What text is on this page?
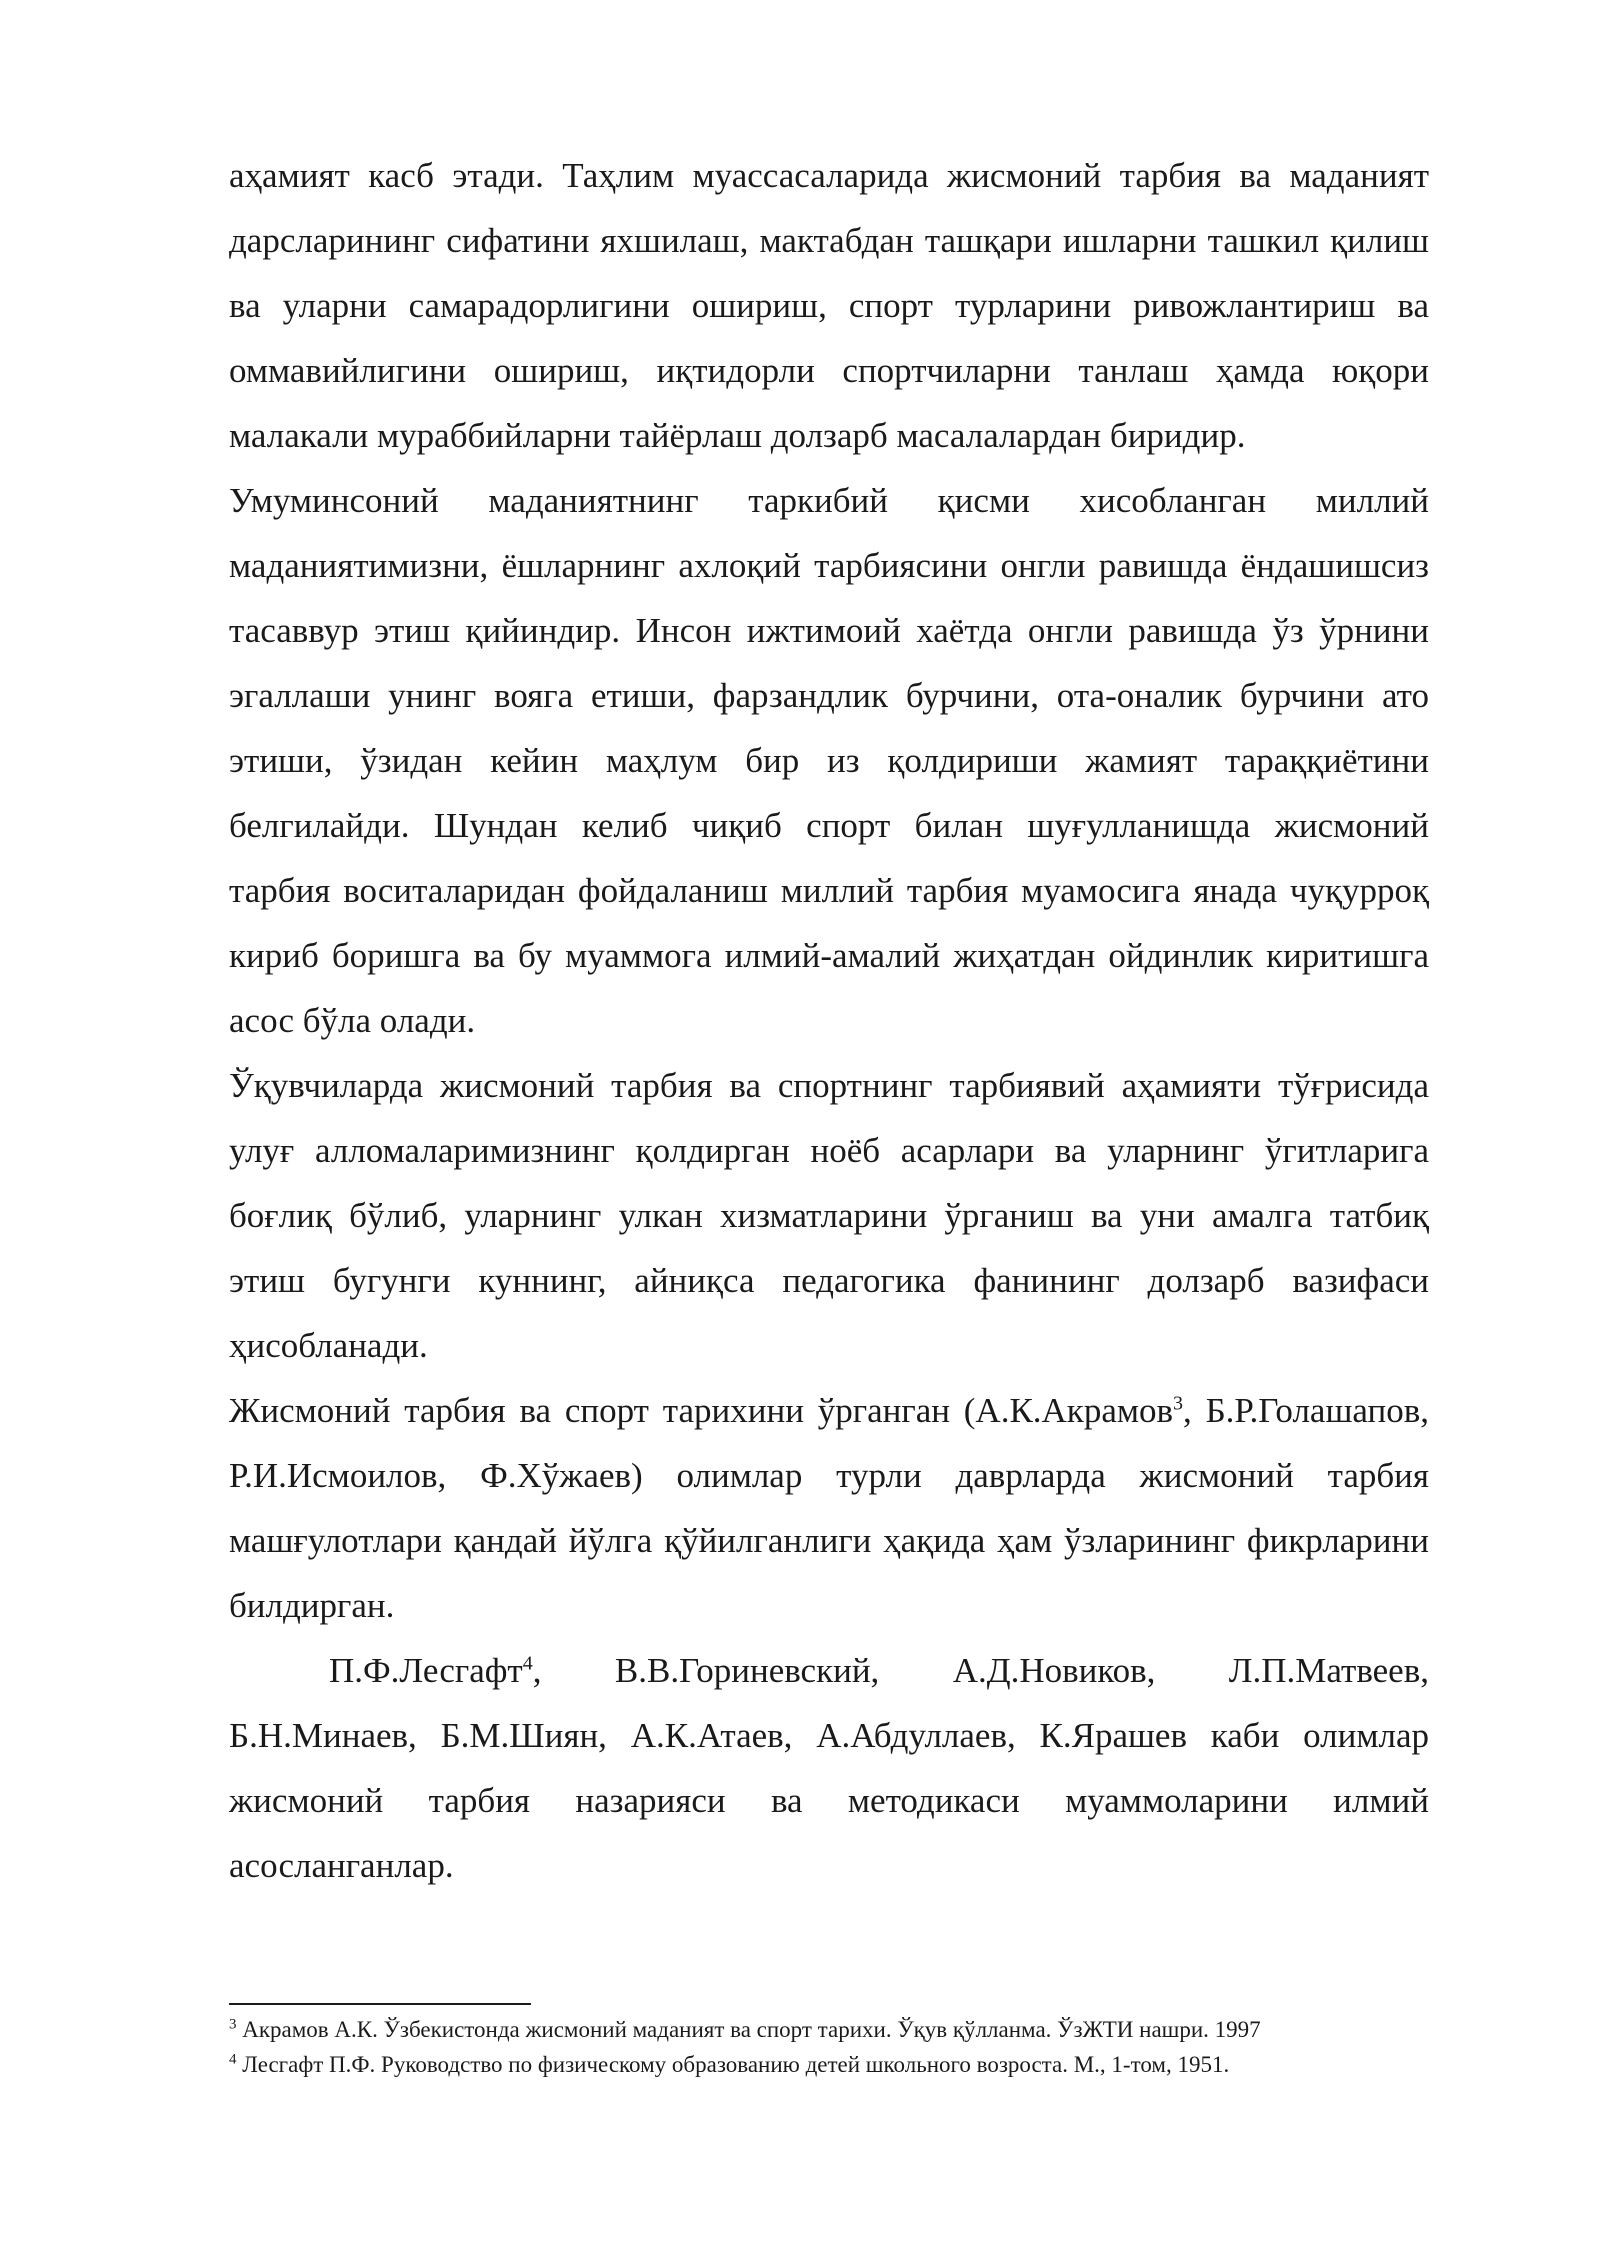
аҳамият касб этади. Таҳлим муассасаларида жисмоний тарбия ва маданият дарсларининг сифатини яхшилаш, мактабдан ташқари ишларни ташкил қилиш ва уларни самарадорлигини ошириш, спорт турларини ривожлантириш ва оммавийлигини ошириш, иқтидорли спортчиларни танлаш ҳамда юқори малакали мураббийларни тайёрлаш долзарб масалалардан биридир.

Умуминсоний маданиятнинг таркибий қисми хисобланган миллий маданиятимизни, ёшларнинг ахлоқий тарбиясини онгли равишда ёндашишсиз тасаввур этиш қийиндир. Инсон ижтимоий хаётда онгли равишда ўз ўрнини эгаллаши унинг вояга етиши, фарзандлик бурчини, ота-оналик бурчини ато этиши, ўзидан кейин маҳлум бир из қолдириши жамият тараққиётини белгилайди. Шундан келиб чиқиб спорт билан шуғулланишда жисмоний тарбия воситаларидан фойдаланиш миллий тарбия муамосига янада чуқурроқ кириб боришга ва бу муаммога илмий-амалий жиҳатдан ойдинлик киритишга асос бўла олади.

Ўқувчиларда жисмоний тарбия ва спортнинг тарбиявий аҳамияти тўғрисида улуғ алломаларимизнинг қолдирган ноёб асарлари ва уларнинг ўгитларига боғлиқ бўлиб, уларнинг улкан хизматларини ўрганиш ва уни амалга татбиқ этиш бугунги куннинг, айниқса педагогика фанининг долзарб вазифаси ҳисобланади.

Жисмоний тарбия ва спорт тарихини ўрганган (А.К.Акрамов$^3$, Б.Р.Голашапов, Р.И.Исмоилов, Ф.Хўжаев) олимлар турли даврларда жисмоний тарбия машғулотлари қандай йўлга қўйилганлиги ҳақида ҳам ўзларининг фикрларини билдирган.

П.Ф.Лесгафт$^4$, В.В.Гориневский, А.Д.Новиков, Л.П.Матвеев, Б.Н.Минаев, Б.М.Шиян, А.К.Атаев, А.Абдуллаев, К.Ярашев каби олимлар жисмоний тарбия назарияси ва методикаси муаммоларини илмий асосланганлар.

$^3$ Акрамов А.К. Ўзбекистонда жисмоний маданият ва спорт тарихи. Ўқув қўлланма. ЎзЖТИ нашри. 1997

$^4$ Лесгафт П.Ф. Руководство по физическому образованию детей школьного возроста. М., 1-том, 1951.
